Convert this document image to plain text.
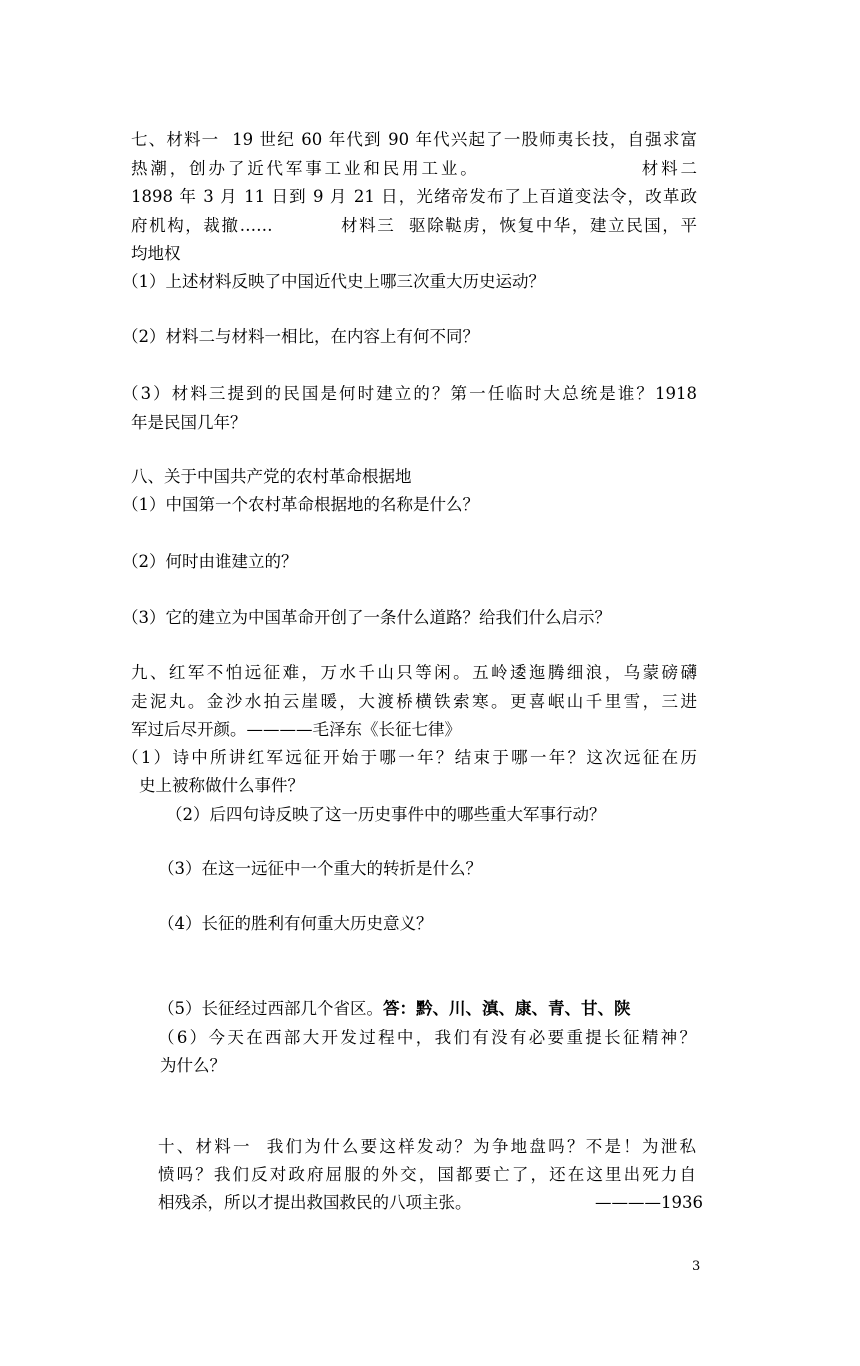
七、材料一  19 世纪 60 年代到 90 年代兴起了一股师夷长技，自强求富
热潮，创办了近代军事工业和民用工业。                    材料二
1898 年 3 月 11 日到 9 月 21 日，光绪帝发布了上百道变法令，改革政
府机构，裁撤……          材料三  驱除鞑虏，恢复中华，建立民国，平
均地权
（1）上述材料反映了中国近代史上哪三次重大历史运动？
（2）材料二与材料一相比，在内容上有何不同？
（3）材料三提到的民国是何时建立的？第一任临时大总统是谁？1918
年是民国几年？
八、关于中国共产党的农村革命根据地
（1）中国第一个农村革命根据地的名称是什么？
（2）何时由谁建立的？
（3）它的建立为中国革命开创了一条什么道路？给我们什么启示？
九、红军不怕远征难，万水千山只等闲。五岭逶迤腾细浪，乌蒙磅礴
走泥丸。金沙水拍云崖暖，大渡桥横铁索寒。更喜岷山千里雪，三进
军过后尽开颜。————毛泽东《长征七律》
（1）诗中所讲红军远征开始于哪一年？结束于哪一年？这次远征在历
史上被称做什么事件？
（2）后四句诗反映了这一历史事件中的哪些重大军事行动？
（3）在这一远征中一个重大的转折是什么？
（4）长征的胜利有何重大历史意义？
（5）长征经过西部几个省区。答：黔、川、滇、康、青、甘、陕
（6）今天在西部大开发过程中，我们有没有必要重提长征精神？
为什么？
十、材料一  我们为什么要这样发动？为争地盘吗？不是！为泄私
愤吗？我们反对政府屈服的外交，国都要亡了，还在这里出死力自
相残杀，所以才提出救国救民的八项主张。	————1936
3
